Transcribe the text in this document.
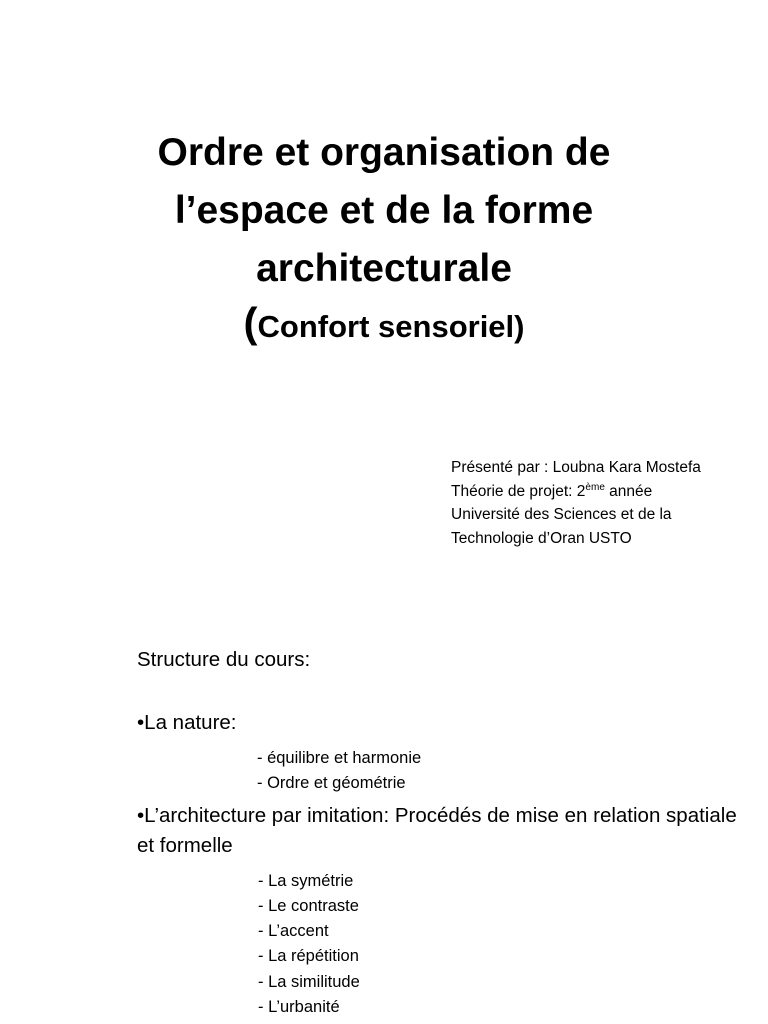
Ordre et organisation de
l’espace et de la forme
architecturale
(Confort sensoriel)
Présenté par : Loubna Kara Mostefa
Théorie de projet: 2ème année
Université des Sciences et de la
Technologie d’Oran USTO
Structure du cours:
•La nature:
- équilibre et harmonie
- Ordre et géométrie
•L’architecture par imitation: Procédés de mise en relation spatiale et formelle
- La symétrie
- Le contraste
- L’accent
- La répétition
- La similitude
- L’urbanité
